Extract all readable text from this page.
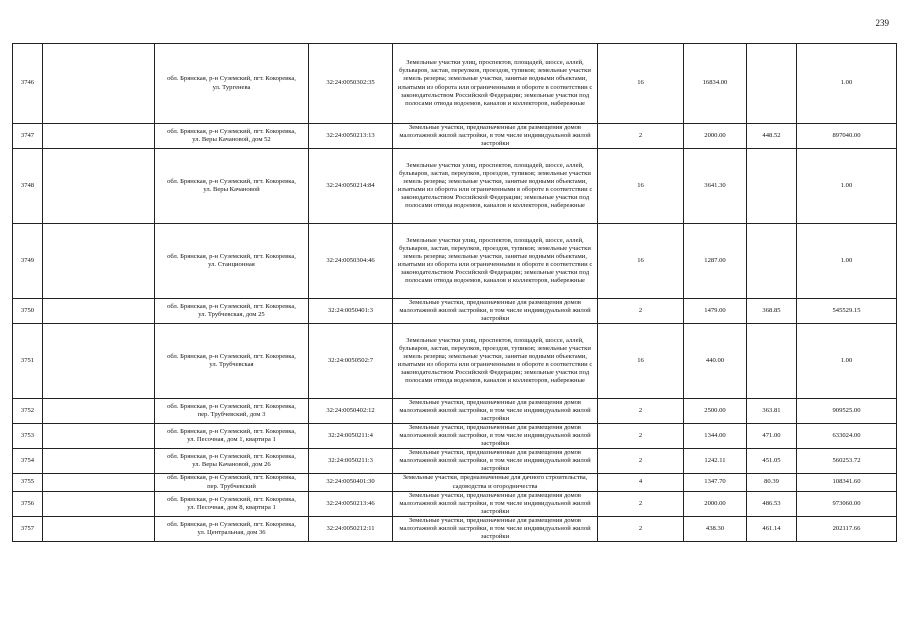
239
3746		обл. Брянская, р-н Суземский, пгт. Кокоревка,
ул. Тургенева	32:24:0050302:35	Земельные участки улиц, проспектов, площадей, шоссе, аллей, бульваров, застав, переулков, проездов, тупиков; земельные участки земель резерва; земельные участки, занятые водными объектами, изъятыми из оборота или ограниченными в обороте в соответствии с законодательством Российской Федерации; земельные участки под полосами отвода водоемов, каналов и коллекторов, набережные	16	16834.00		1.00
3747		обл. Брянская, р-н Суземский, пгт. Кокоревка,
ул. Веры Качановой, дом 52	32:24:0050213:13	Земельные участки, предназначенные для размещения домов малоэтажной жилой застройки, в том числе индивидуальной жилой застройки	2	2000.00	448.52	897040.00
3748		обл. Брянская, р-н Суземский, пгт. Кокоревка,
ул. Веры Качановой	32:24:0050214:84	Земельные участки улиц, проспектов, площадей, шоссе, аллей, бульваров, застав, переулков, проездов, тупиков; земельные участки земель резерва; земельные участки, занятые водными объектами, изъятыми из оборота или ограниченными в обороте в соответствии с законодательством Российской Федерации; земельные участки под полосами отвода водоемов, каналов и коллекторов, набережные	16	3641.30		1.00
3749		обл. Брянская, р-н Суземский, пгт. Кокоревка,
ул. Станционная	32:24:0050304:46	Земельные участки улиц, проспектов, площадей, шоссе, аллей, бульваров, застав, переулков, проездов, тупиков; земельные участки земель резерва; земельные участки, занятые водными объектами, изъятыми из оборота или ограниченными в обороте в соответствии с законодательством Российской Федерации; земельные участки под полосами отвода водоемов, каналов и коллекторов, набережные	16	1287.00		1.00
3750		обл. Брянская, р-н Суземский, пгт. Кокоревка,
ул. Трубчевская, дом 25	32:24:0050401:3	Земельные участки, предназначенные для размещения домов малоэтажной жилой застройки, в том числе индивидуальной жилой застройки	2	1479.00	368.85	545529.15
3751		обл. Брянская, р-н Суземский, пгт. Кокоревка,
ул. Трубчевская	32:24:0050502:7	Земельные участки улиц, проспектов, площадей, шоссе, аллей, бульваров, застав, переулков, проездов, тупиков; земельные участки земель резерва; земельные участки, занятые водными объектами, изъятыми из оборота или ограниченными в обороте в соответствии с законодательством Российской Федерации; земельные участки под полосами отвода водоемов, каналов и коллекторов, набережные	16	440.00		1.00
3752		обл. Брянская, р-н Суземский, пгт. Кокоревка,
пер. Трубчевский, дом 3	32:24:0050402:12	Земельные участки, предназначенные для размещения домов малоэтажной жилой застройки, в том числе индивидуальной жилой застройки	2	2500.00	363.81	909525.00
3753		обл. Брянская, р-н Суземский, пгт. Кокоревка,
ул. Песочная, дом 1, квартира 1	32:24:0050211:4	Земельные участки, предназначенные для размещения домов малоэтажной жилой застройки, в том числе индивидуальной жилой застройки	2	1344.00	471.00	633024.00
3754		обл. Брянская, р-н Суземский, пгт. Кокоревка,
ул. Веры Качановой, дом 26	32:24:0050211:3	Земельные участки, предназначенные для размещения домов малоэтажной жилой застройки, в том числе индивидуальной жилой застройки	2	1242.11	451.05	560253.72
3755		обл. Брянская, р-н Суземский, пгт. Кокоревка,
пер. Трубчевский	32:24:0050401:30	Земельные участки, предназначенные для дачного строительства, садоводства и огородничества	4	1347.70	80.39	108341.60
3756		обл. Брянская, р-н Суземский, пгт. Кокоревка,
ул. Песочная, дом 8, квартира 1	32:24:0050213:46	Земельные участки, предназначенные для размещения домов малоэтажной жилой застройки, в том числе индивидуальной жилой застройки	2	2000.00	486.53	973060.00
3757		обл. Брянская, р-н Суземский, пгт. Кокоревка,
ул. Центральная, дом 36	32:24:0050212:11	Земельные участки, предназначенные для размещения домов малоэтажной жилой застройки, в том числе индивидуальной жилой застройки	2	438.30	461.14	202117.66
